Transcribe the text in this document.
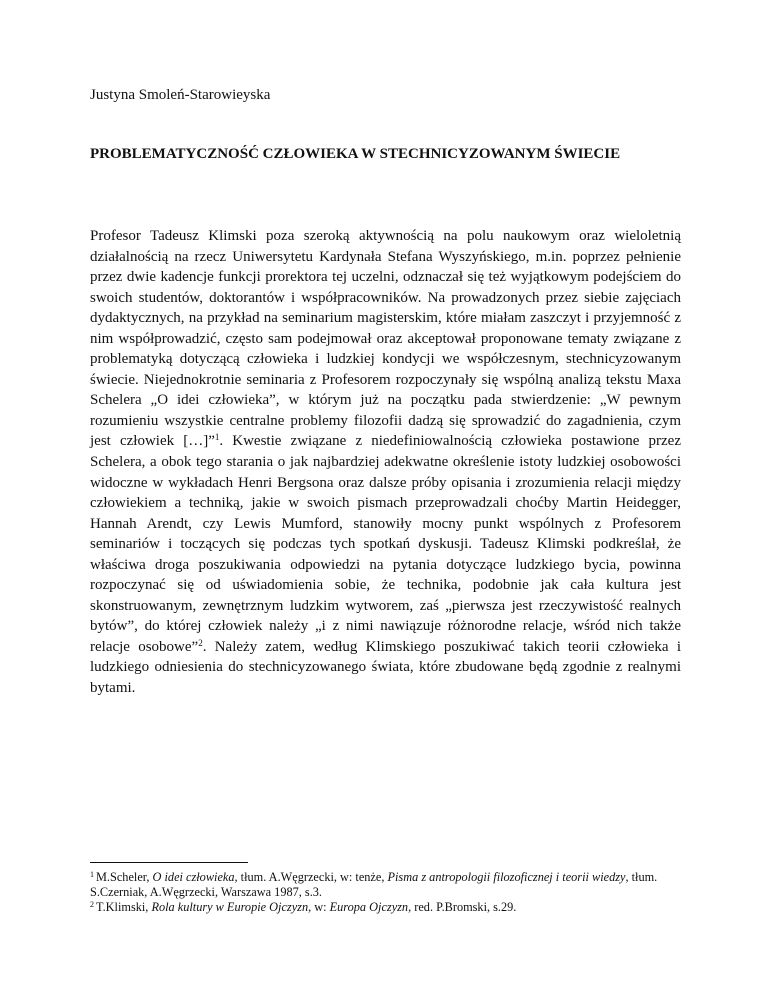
Justyna Smoleń-Starowieyska
PROBLEMATYCZNOŚĆ CZŁOWIEKA W STECHNICYZOWANYM ŚWIECIE

Profesor Tadeusz Klimski poza szeroką aktywnością na polu naukowym oraz wieloletnią działalnością na rzecz Uniwersytetu Kardynała Stefana Wyszyńskiego, m.in. poprzez pełnienie przez dwie kadencje funkcji prorektora tej uczelni, odznaczał się też wyjątkowym podejściem do swoich studentów, doktorantów i współpracowników. Na prowadzonych przez siebie zajęciach dydaktycznych, na przykład na seminarium magisterskim, które miałam zaszczyt i przyjemność z nim współprowadzić, często sam podejmował oraz akceptował proponowane tematy związane z problematyką dotyczącą człowieka i ludzkiej kondycji we współczesnym, stechnicyzowanym świecie. Niejednokrotnie seminaria z Profesorem rozpoczynały się wspólną analizą tekstu Maxa Schelera „O idei człowieka”, w którym już na początku pada stwierdzenie: „W pewnym rozumieniu wszystkie centralne problemy filozofii dadzą się sprowadzić do zagadnienia, czym jest człowiek […]”$^1$. Kwestie związane z niedefiniowalnością człowieka postawione przez Schelera, a obok tego starania o jak najbardziej adekwatne określenie istoty ludzkiej osobowości widoczne w wykładach Henri Bergsona oraz dalsze próby opisania i zrozumienia relacji między człowiekiem a techniką, jakie w swoich pismach przeprowadzali choćby Martin Heidegger, Hannah Arendt, czy Lewis Mumford, stanowiły mocny punkt wspólnych z Profesorem seminariów i toczących się podczas tych spotkań dyskusji. Tadeusz Klimski podkreślał, że właściwa droga poszukiwania odpowiedzi na pytania dotyczące ludzkiego bycia, powinna rozpoczynać się od uświadomienia sobie, że technika, podobnie jak cała kultura jest skonstruowanym, zewnętrznym ludzkim wytworem, zaś „pierwsza jest rzeczywistość realnych bytów”, do której człowiek należy „i z nimi nawiązuje różnorodne relacje, wśród nich także relacje osobowe”$^2$. Należy zatem, według Klimskiego poszukiwać takich teorii człowieka i ludzkiego odniesienia do stechnicyzowanego świata, które zbudowane będą zgodnie z realnymi bytami.

$^1$ M.Scheler, O idei człowieka, tłum. A.Węgrzecki, w: tenże, Pisma z antropologii filozoficznej i teorii wiedzy, tłum. S.Czerniak, A.Węgrzecki, Warszawa 1987, s.3.

$^2$ T.Klimski, Rola kultury w Europie Ojczyzn, w: Europa Ojczyzn, red. P.Bromski, s.29.
